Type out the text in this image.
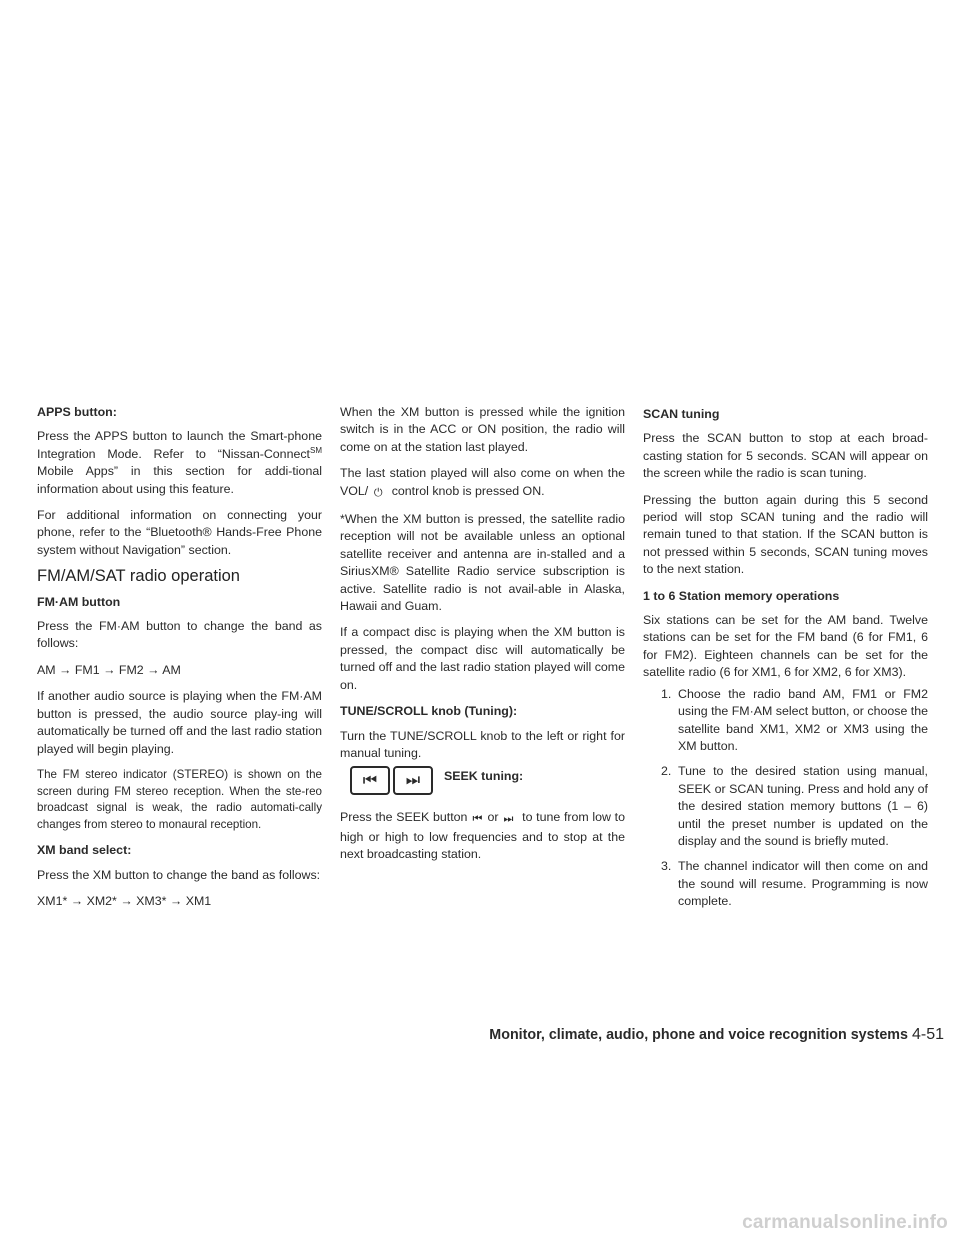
APPS button:

Press the APPS button to launch the Smart-phone Integration Mode. Refer to “Nissan-Connect℠ Mobile Apps” in this section for addi-tional information about using this feature.

For additional information on connecting your phone, refer to the “Bluetooth® Hands-Free Phone system without Navigation” section.

FM/AM/SAT radio operation

FM·AM button

Press the FM·AM button to change the band as follows:

AM → FM1 → FM2 → AM

If another audio source is playing when the FM·AM button is pressed, the audio source play-ing will automatically be turned off and the last radio station played will begin playing.

The FM stereo indicator (STEREO) is shown on the screen during FM stereo reception. When the ste-reo broadcast signal is weak, the radio automati-cally changes from stereo to monaural reception.

XM band select:

Press the XM button to change the band as follows:

XM1* → XM2* → XM3* → XM1

When the XM button is pressed while the ignition switch is in the ACC or ON position, the radio will come on at the station last played.

The last station played will also come on when the VOL/ ⏻ control knob is pressed ON.

*When the XM button is pressed, the satellite radio reception will not be available unless an optional satellite receiver and antenna are in-stalled and a SiriusXM® Satellite Radio service subscription is active. Satellite radio is not avail-able in Alaska, Hawaii and Guam.

If a compact disc is playing when the XM button is pressed, the compact disc will automatically be turned off and the last radio station played will come on.

TUNE/SCROLL knob (Tuning):

Turn the TUNE/SCROLL knob to the left or right for manual tuning.

⏮	⏭	SEEK tuning:

Press the SEEK button ⏮ or ⏭ to tune from low to high or high to low frequencies and to stop at the next broadcasting station.

SCAN tuning

Press the SCAN button to stop at each broad-casting station for 5 seconds. SCAN will appear on the screen while the radio is scan tuning.

Pressing the button again during this 5 second period will stop SCAN tuning and the radio will remain tuned to that station. If the SCAN button is not pressed within 5 seconds, SCAN tuning moves to the next station.

1 to 6 Station memory operations

Six stations can be set for the AM band. Twelve stations can be set for the FM band (6 for FM1, 6 for FM2). Eighteen channels can be set for the satellite radio (6 for XM1, 6 for XM2, 6 for XM3).

1. Choose the radio band AM, FM1 or FM2 using the FM·AM select button, or choose the satellite band XM1, XM2 or XM3 using the XM button.
2. Tune to the desired station using manual, SEEK or SCAN tuning. Press and hold any of the desired station memory buttons (1 – 6) until the preset number is updated on the display and the sound is briefly muted.
3. The channel indicator will then come on and the sound will resume. Programming is now complete.
Monitor, climate, audio, phone and voice recognition systems 4-51
carmanualsonline.info
